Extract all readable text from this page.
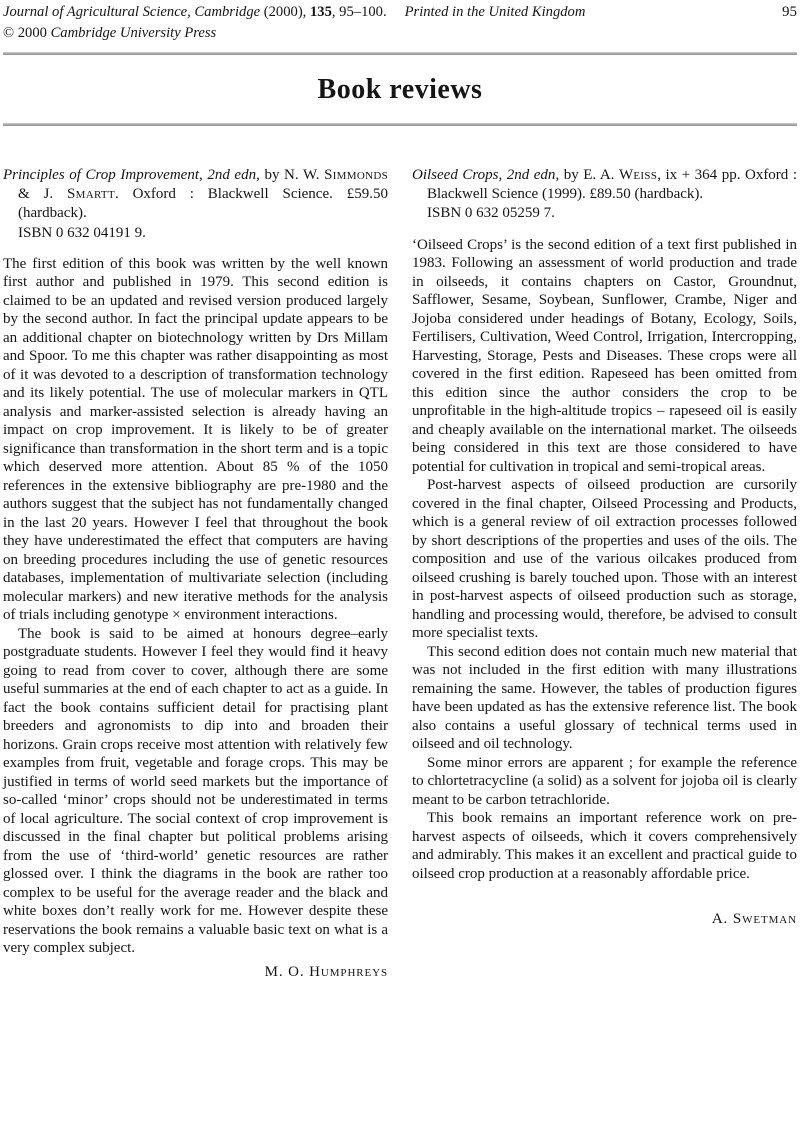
Journal of Agricultural Science, Cambridge (2000), 135, 95–100. Printed in the United Kingdom
© 2000 Cambridge University Press
95
Book reviews

Principles of Crop Improvement, 2nd edn, by N. W. Simmonds & J. Smartt. Oxford : Blackwell Science. £59.50 (hardback).
ISBN 0 632 04191 9.

The first edition of this book was written by the well known first author and published in 1979. This second edition is claimed to be an updated and revised version produced largely by the second author. In fact the principal update appears to be an additional chapter on biotechnology written by Drs Millam and Spoor. To me this chapter was rather disappointing as most of it was devoted to a description of transformation technology and its likely potential. The use of molecular markers in QTL analysis and marker-assisted selection is already having an impact on crop improvement. It is likely to be of greater significance than transformation in the short term and is a topic which deserved more attention. About 85 % of the 1050 references in the extensive bibliography are pre-1980 and the authors suggest that the subject has not fundamentally changed in the last 20 years. However I feel that throughout the book they have underestimated the effect that computers are having on breeding procedures including the use of genetic resources databases, implementation of multivariate selection (including molecular markers) and new iterative methods for the analysis of trials including genotype × environment interactions.

The book is said to be aimed at honours degree–early postgraduate students. However I feel they would find it heavy going to read from cover to cover, although there are some useful summaries at the end of each chapter to act as a guide. In fact the book contains sufficient detail for practising plant breeders and agronomists to dip into and broaden their horizons. Grain crops receive most attention with relatively few examples from fruit, vegetable and forage crops. This may be justified in terms of world seed markets but the importance of so-called ‘minor’ crops should not be underestimated in terms of local agriculture. The social context of crop improvement is discussed in the final chapter but political problems arising from the use of ‘third-world’ genetic resources are rather glossed over. I think the diagrams in the book are rather too complex to be useful for the average reader and the black and white boxes don’t really work for me. However despite these reservations the book remains a valuable basic text on what is a very complex subject.

M. O. Humphreys

Oilseed Crops, 2nd edn, by E. A. Weiss, ix + 364 pp. Oxford : Blackwell Science (1999). £89.50 (hardback).
ISBN 0 632 05259 7.

‘Oilseed Crops’ is the second edition of a text first published in 1983. Following an assessment of world production and trade in oilseeds, it contains chapters on Castor, Groundnut, Safflower, Sesame, Soybean, Sunflower, Crambe, Niger and Jojoba considered under headings of Botany, Ecology, Soils, Fertilisers, Cultivation, Weed Control, Irrigation, Intercropping, Harvesting, Storage, Pests and Diseases. These crops were all covered in the first edition. Rapeseed has been omitted from this edition since the author considers the crop to be unprofitable in the high-altitude tropics – rapeseed oil is easily and cheaply available on the international market. The oilseeds being considered in this text are those considered to have potential for cultivation in tropical and semi-tropical areas.

Post-harvest aspects of oilseed production are cursorily covered in the final chapter, Oilseed Processing and Products, which is a general review of oil extraction processes followed by short descriptions of the properties and uses of the oils. The composition and use of the various oilcakes produced from oilseed crushing is barely touched upon. Those with an interest in post-harvest aspects of oilseed production such as storage, handling and processing would, therefore, be advised to consult more specialist texts.

This second edition does not contain much new material that was not included in the first edition with many illustrations remaining the same. However, the tables of production figures have been updated as has the extensive reference list. The book also contains a useful glossary of technical terms used in oilseed and oil technology.

Some minor errors are apparent ; for example the reference to chlortetracycline (a solid) as a solvent for jojoba oil is clearly meant to be carbon tetrachloride.

This book remains an important reference work on pre-harvest aspects of oilseeds, which it covers comprehensively and admirably. This makes it an excellent and practical guide to oilseed crop production at a reasonably affordable price.

A. Swetman
